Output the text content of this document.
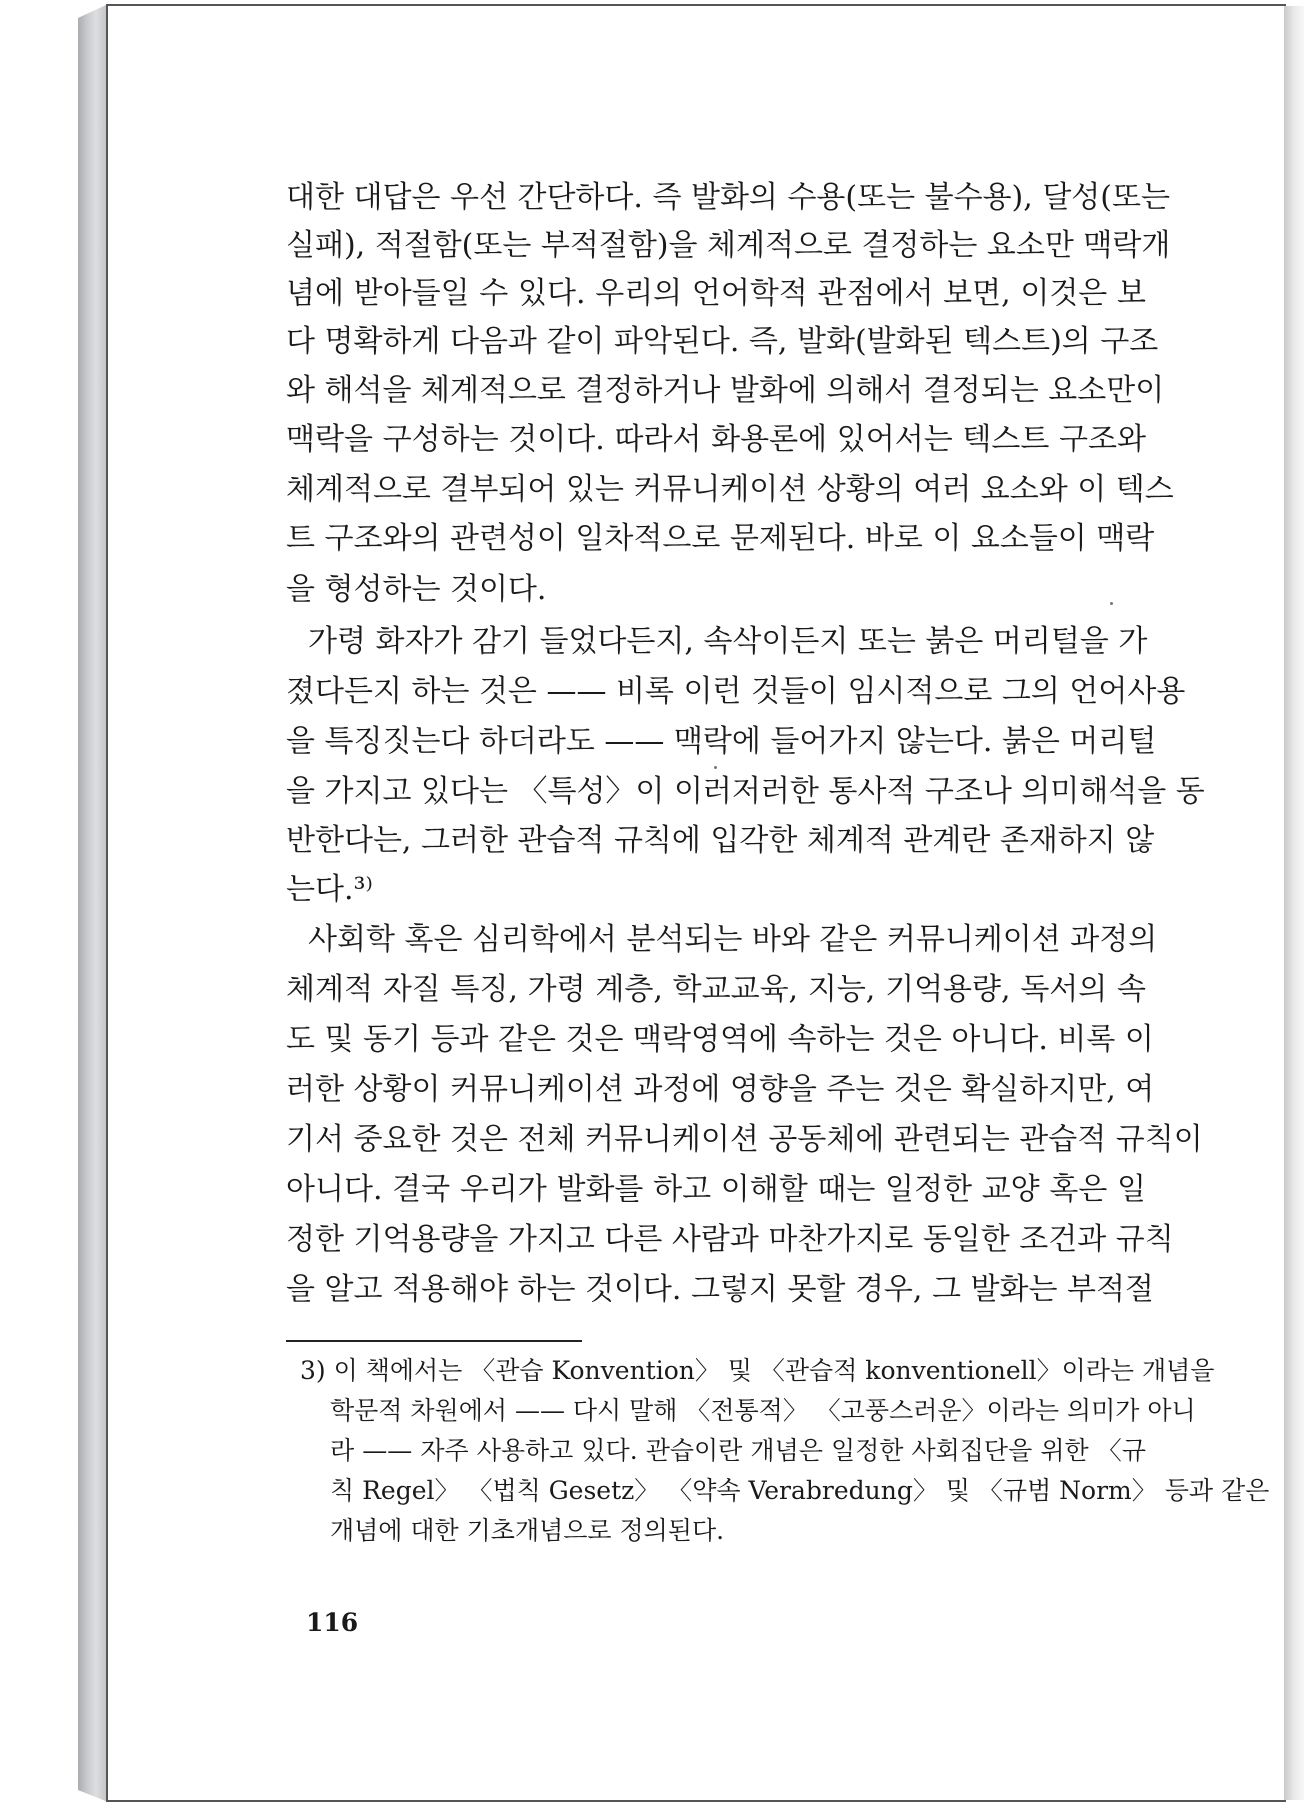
대한 대답은 우선 간단하다. 즉 발화의 수용(또는 불수용), 달성(또는
실패), 적절함(또는 부적절함)을 체계적으로 결정하는 요소만 맥락개
념에 받아들일 수 있다. 우리의 언어학적 관점에서 보면, 이것은 보
다 명확하게 다음과 같이 파악된다. 즉, 발화(발화된 텍스트)의 구조
와 해석을 체계적으로 결정하거나 발화에 의해서 결정되는 요소만이
맥락을 구성하는 것이다. 따라서 화용론에 있어서는 텍스트 구조와
체계적으로 결부되어 있는 커뮤니케이션 상황의 여러 요소와 이 텍스
트 구조와의 관련성이 일차적으로 문제된다. 바로 이 요소들이 맥락
을 형성하는 것이다.
가령 화자가 감기 들었다든지, 속삭이든지 또는 붉은 머리털을 가
졌다든지 하는 것은 —— 비록 이런 것들이 임시적으로 그의 언어사용
을 특징짓는다 하더라도 —— 맥락에 들어가지 않는다. 붉은 머리털
을 가지고 있다는 〈특성〉이 이러저러한 통사적 구조나 의미해석을 동
반한다는, 그러한 관습적 규칙에 입각한 체계적 관계란 존재하지 않
는다.³⁾
사회학 혹은 심리학에서 분석되는 바와 같은 커뮤니케이션 과정의
체계적 자질 특징, 가령 계층, 학교교육, 지능, 기억용량, 독서의 속
도 및 동기 등과 같은 것은 맥락영역에 속하는 것은 아니다. 비록 이
러한 상황이 커뮤니케이션 과정에 영향을 주는 것은 확실하지만, 여
기서 중요한 것은 전체 커뮤니케이션 공동체에 관련되는 관습적 규칙이
아니다. 결국 우리가 발화를 하고 이해할 때는 일정한 교양 혹은 일
정한 기억용량을 가지고 다른 사람과 마찬가지로 동일한 조건과 규칙
을 알고 적용해야 하는 것이다. 그렇지 못할 경우, 그 발화는 부적절
3) 이 책에서는 〈관습 Konvention〉 및 〈관습적 konventionell〉이라는 개념을
학문적 차원에서 —— 다시 말해 〈전통적〉 〈고풍스러운〉이라는 의미가 아니
라 —— 자주 사용하고 있다. 관습이란 개념은 일정한 사회집단을 위한 〈규
칙 Regel〉 〈법칙 Gesetz〉 〈약속 Verabredung〉 및 〈규범 Norm〉 등과 같은
개념에 대한 기초개념으로 정의된다.
116
